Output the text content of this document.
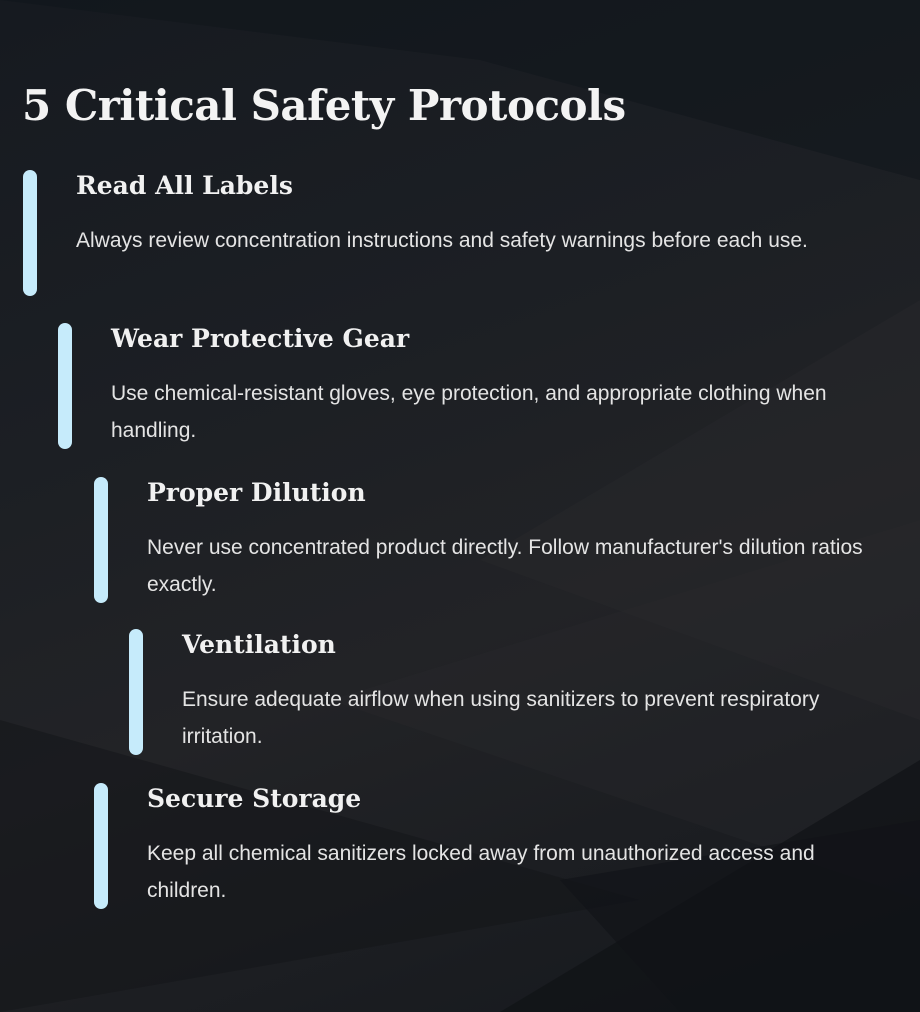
5 Critical Safety Protocols
Read All Labels

Always review concentration instructions and safety warnings before each use.

Wear Protective Gear

Use chemical-resistant gloves, eye protection, and appropriate clothing when handling.

Proper Dilution

Never use concentrated product directly. Follow manufacturer's dilution ratios exactly.

Ventilation

Ensure adequate airflow when using sanitizers to prevent respiratory irritation.

Secure Storage

Keep all chemical sanitizers locked away from unauthorized access and children.
